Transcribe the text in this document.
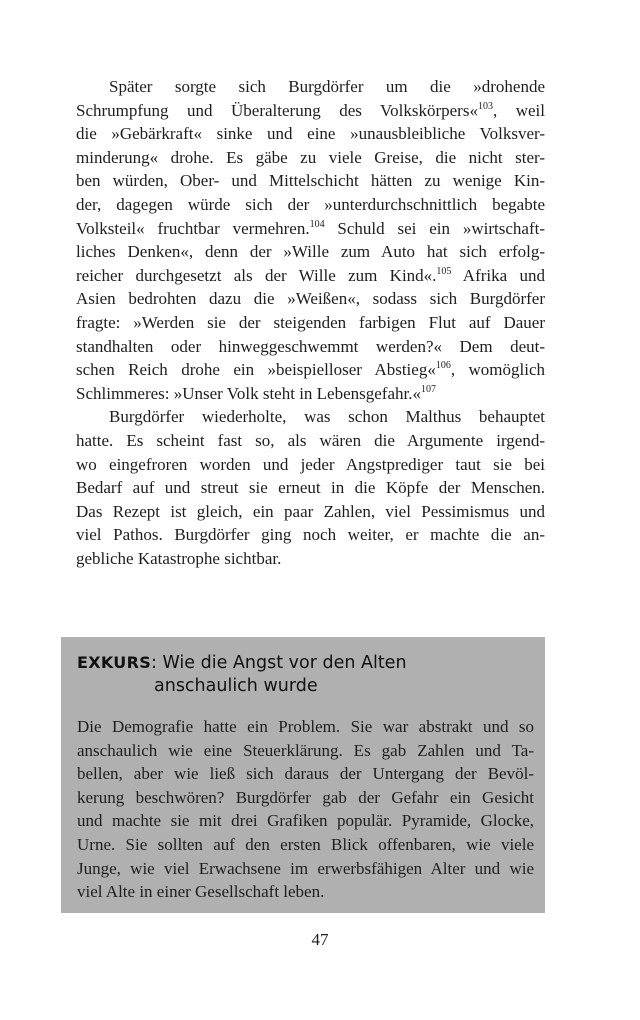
Später sorgte sich Burgdörfer um die »drohende
Schrumpfung und Überalterung des Volkskörpers«$^{103}$, weil
die »Gebärkraft« sinke und eine »unausbleibliche Volksver-
minderung« drohe. Es gäbe zu viele Greise, die nicht ster-
ben würden, Ober- und Mittelschicht hätten zu wenige Kin-
der, dagegen würde sich der »unterdurchschnittlich begabte
Volksteil« fruchtbar vermehren.$^{104}$ Schuld sei ein »wirtschaft-
liches Denken«, denn der »Wille zum Auto hat sich erfolg-
reicher durchgesetzt als der Wille zum Kind«.$^{105}$ Afrika und
Asien bedrohten dazu die »Weißen«, sodass sich Burgdörfer
fragte: »Werden sie der steigenden farbigen Flut auf Dauer
standhalten oder hinweggeschwemmt werden?« Dem deut-
schen Reich drohe ein »beispielloser Abstieg«$^{106}$, womöglich
Schlimmeres: »Unser Volk steht in Lebensgefahr.«$^{107}$
Burgdörfer wiederholte, was schon Malthus behauptet
hatte. Es scheint fast so, als wären die Argumente irgend-
wo eingefroren worden und jeder Angstprediger taut sie bei
Bedarf auf und streut sie erneut in die Köpfe der Menschen.
Das Rezept ist gleich, ein paar Zahlen, viel Pessimismus und
viel Pathos. Burgdörfer ging noch weiter, er machte die an-
gebliche Katastrophe sichtbar.
EXKURS: Wie die Angst vor den Alten
anschaulich wurde
Die Demografie hatte ein Problem. Sie war abstrakt und so
anschaulich wie eine Steuerklärung. Es gab Zahlen und Ta-
bellen, aber wie ließ sich daraus der Untergang der Bevöl-
kerung beschwören? Burgdörfer gab der Gefahr ein Gesicht
und machte sie mit drei Grafiken populär. Pyramide, Glocke,
Urne. Sie sollten auf den ersten Blick offenbaren, wie viele
Junge, wie viel Erwachsene im erwerbsfähigen Alter und wie
viel Alte in einer Gesellschaft leben.
47
